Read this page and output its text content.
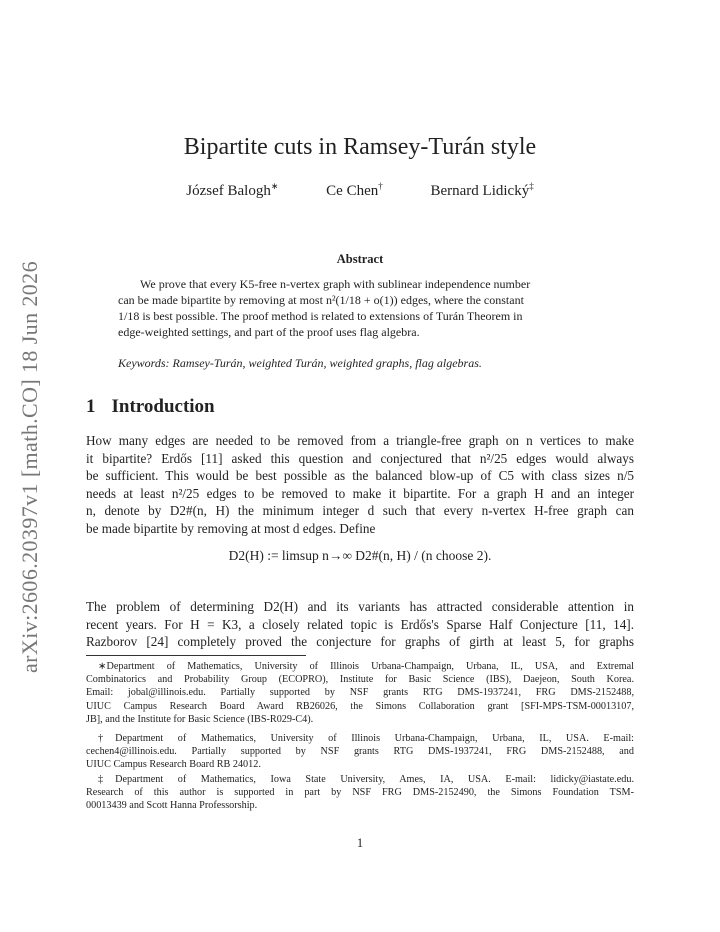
arXiv:2606.20397v1 [math.CO] 18 Jun 2026
Bipartite cuts in Ramsey-Turán style
József Balogh∗	Ce Chen†	Bernard Lidický‡
Abstract
We prove that every K5-free n-vertex graph with sublinear independence number
can be made bipartite by removing at most n²(1/18 + o(1)) edges, where the constant
1/18 is best possible. The proof method is related to extensions of Turán Theorem in
edge-weighted settings, and part of the proof uses flag algebra.
Keywords: Ramsey-Turán, weighted Turán, weighted graphs, flag algebras.
1 Introduction
How many edges are needed to be removed from a triangle-free graph on n vertices to make
it bipartite? Erdős [11] asked this question and conjectured that n²/25 edges would always
be sufficient. This would be best possible as the balanced blow-up of C5 with class sizes n/5
needs at least n²/25 edges to be removed to make it bipartite. For a graph H and an integer
n, denote by D2#(n, H) the minimum integer d such that every n-vertex H-free graph can
be made bipartite by removing at most d edges. Define
D2(H) := limsup n→∞ D2#(n, H) / (n choose 2).
The problem of determining D2(H) and its variants has attracted considerable attention in
recent years. For H = K3, a closely related topic is Erdős's Sparse Half Conjecture [11, 14].
Razborov [24] completely proved the conjecture for graphs of girth at least 5, for graphs
∗Department of Mathematics, University of Illinois Urbana-Champaign, Urbana, IL, USA, and Extremal
Combinatorics and Probability Group (ECOPRO), Institute for Basic Science (IBS), Daejeon, South Korea.
Email: jobal@illinois.edu. Partially supported by NSF grants RTG DMS-1937241, FRG DMS-2152488,
UIUC Campus Research Board Award RB26026, the Simons Collaboration grant [SFI-MPS-TSM-00013107,
JB], and the Institute for Basic Science (IBS-R029-C4).
†Department of Mathematics, University of Illinois Urbana-Champaign, Urbana, IL, USA. E-mail:
cechen4@illinois.edu. Partially supported by NSF grants RTG DMS-1937241, FRG DMS-2152488, and
UIUC Campus Research Board RB 24012.
‡Department of Mathematics, Iowa State University, Ames, IA, USA. E-mail: lidicky@iastate.edu.
Research of this author is supported in part by NSF FRG DMS-2152490, the Simons Foundation TSM-
00013439 and Scott Hanna Professorship.
1
